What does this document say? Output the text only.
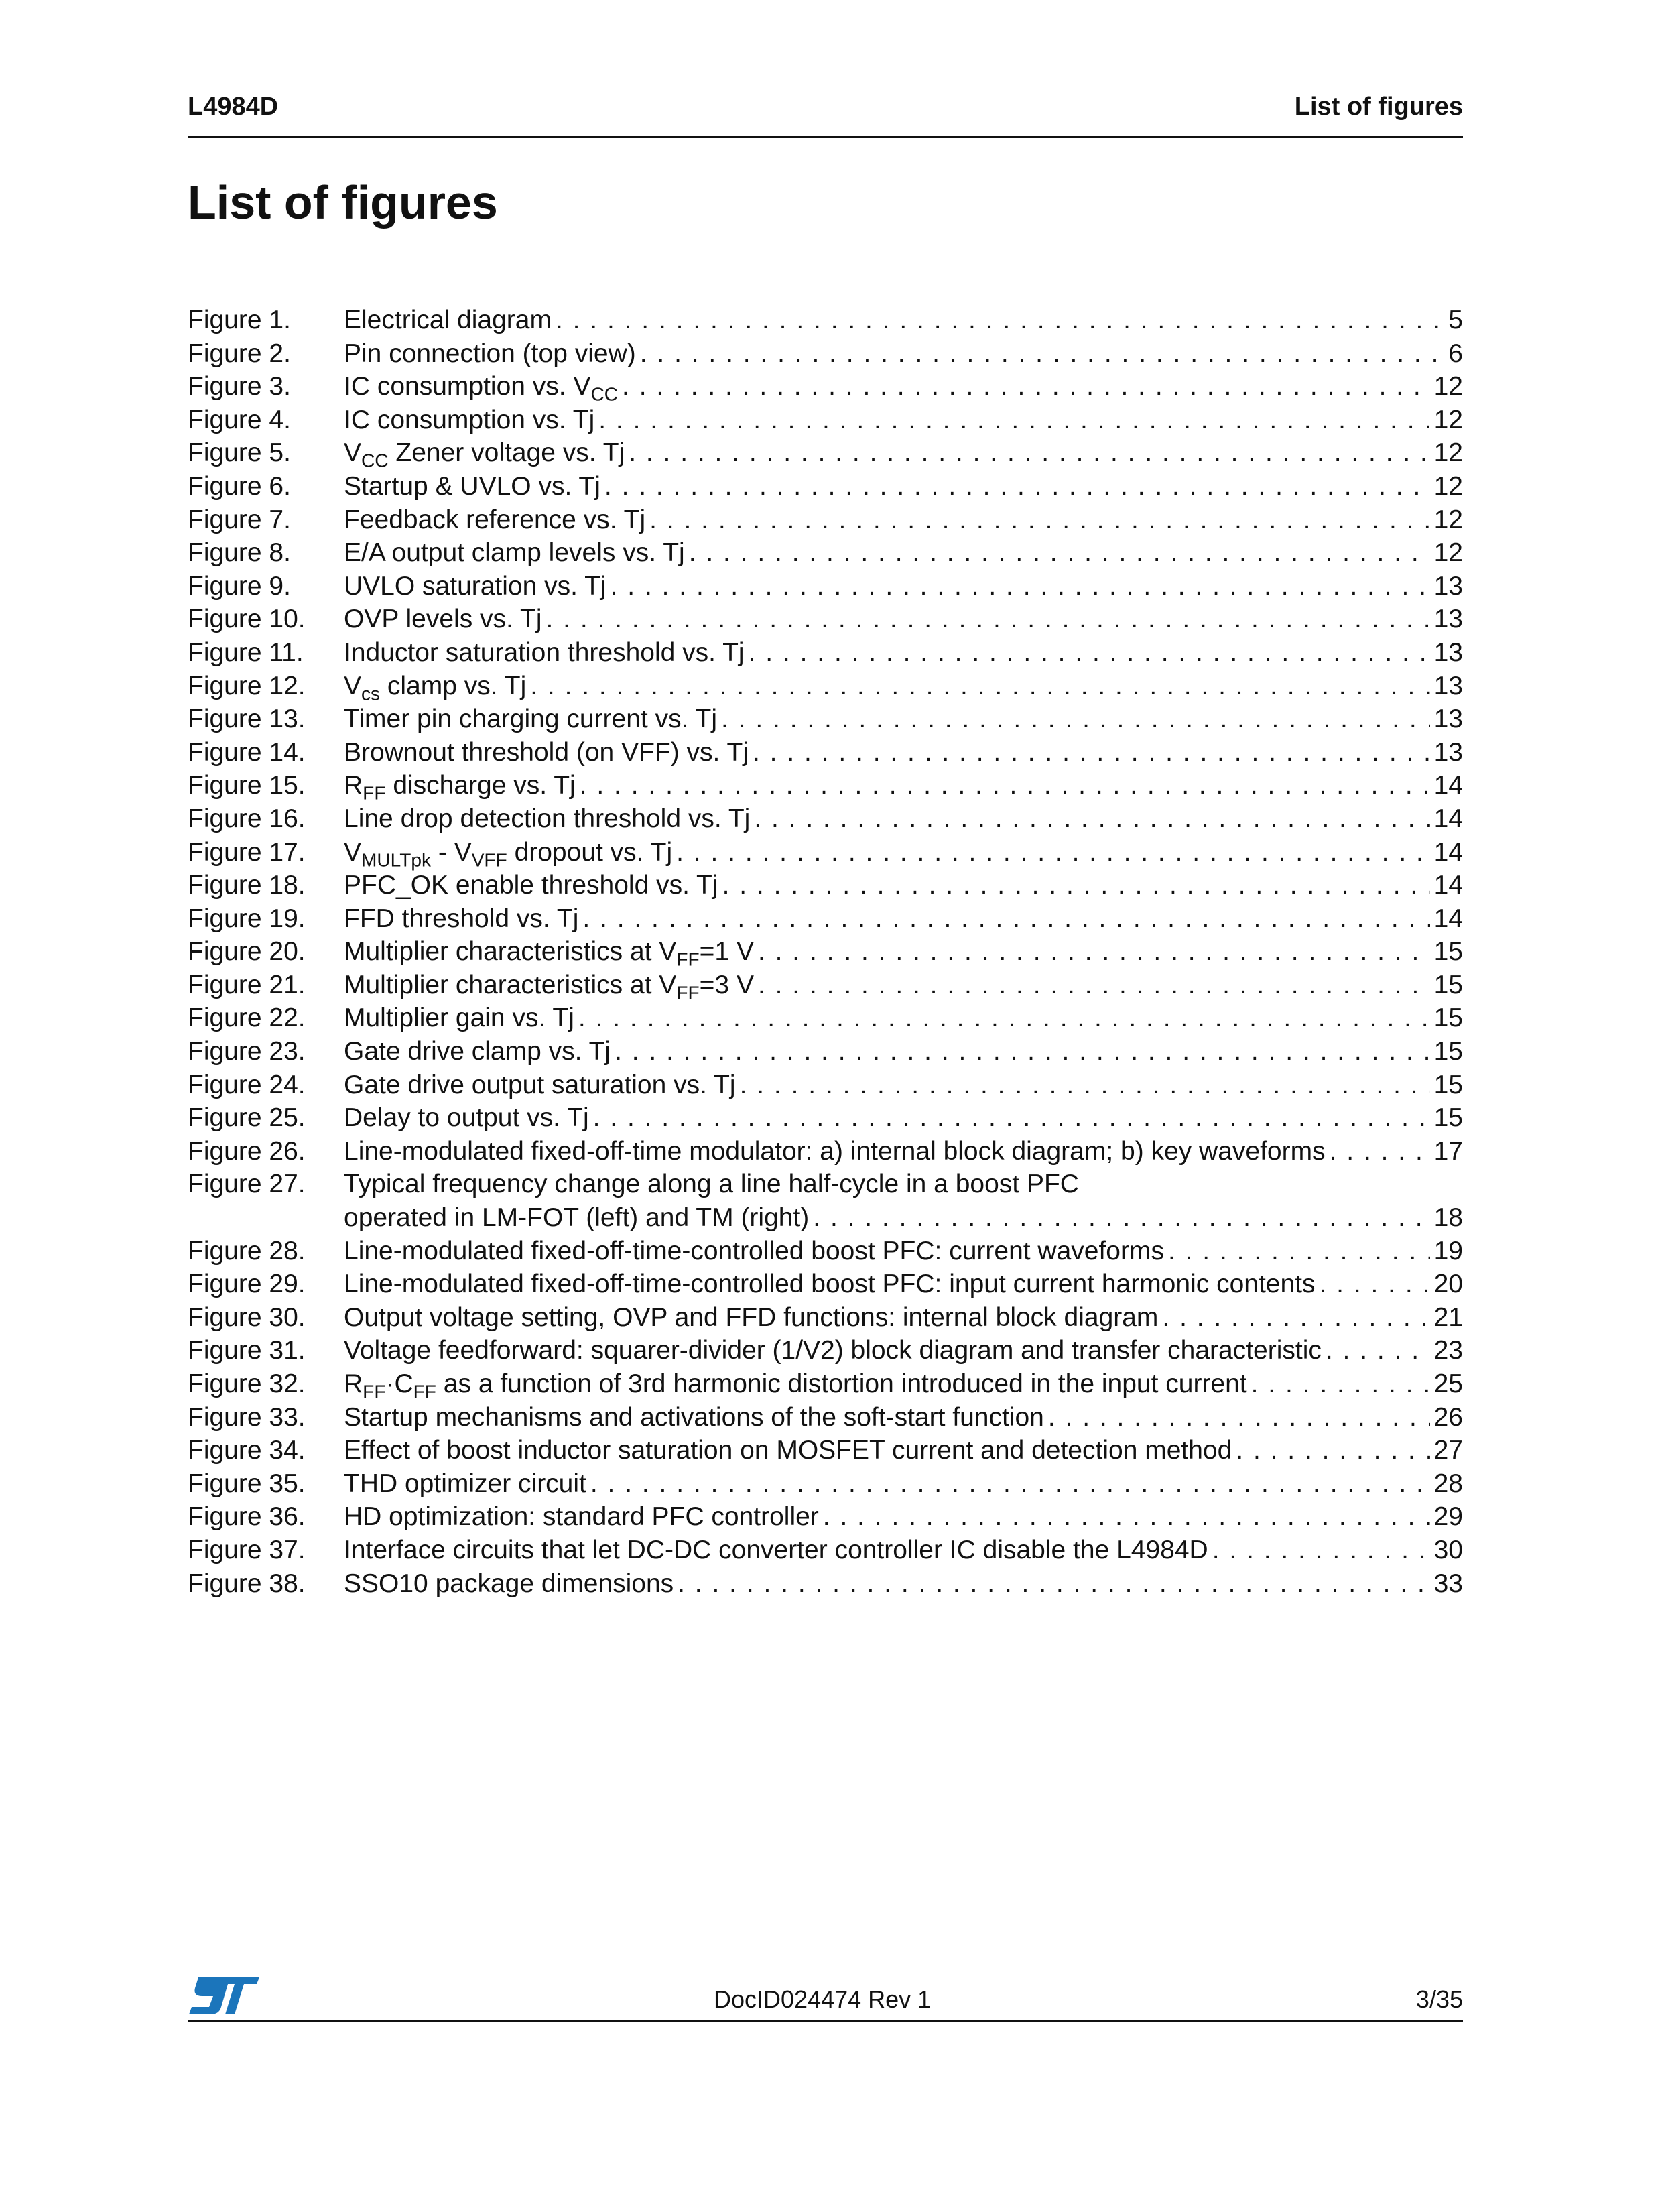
L4984D	List of figures
List of figures
Figure 1.	Electrical diagram . . .	5
Figure 2.	Pin connection (top view) . . .	6
Figure 3.	IC consumption vs. $V_{CC}$ . . .	12
Figure 4.	IC consumption vs. Tj . . .	12
Figure 5.	$V_{CC}$ Zener voltage vs. Tj . . .	12
Figure 6.	Startup & UVLO vs. Tj . . .	12
Figure 7.	Feedback reference vs. Tj . . .	12
Figure 8.	E/A output clamp levels vs. Tj . . .	12
Figure 9.	UVLO saturation vs. Tj . . .	13
Figure 10.	OVP levels vs. Tj . . .	13
Figure 11.	Inductor saturation threshold vs. Tj . . .	13
Figure 12.	$V_{cs}$ clamp vs. Tj . . .	13
Figure 13.	Timer pin charging current vs. Tj . . .	13
Figure 14.	Brownout threshold (on VFF) vs. Tj . . .	13
Figure 15.	$R_{FF}$ discharge vs. Tj . . .	14
Figure 16.	Line drop detection threshold vs. Tj . . .	14
Figure 17.	$V_{MULTpk} - V_{VFF}$ dropout vs. Tj . . .	14
Figure 18.	PFC_OK enable threshold vs. Tj . . .	14
Figure 19.	FFD threshold vs. Tj . . .	14
Figure 20.	Multiplier characteristics at $V_{FF}=1$ V . . .	15
Figure 21.	Multiplier characteristics at $V_{FF}=3$ V . . .	15
Figure 22.	Multiplier gain vs. Tj . . .	15
Figure 23.	Gate drive clamp vs. Tj . . .	15
Figure 24.	Gate drive output saturation vs. Tj . . .	15
Figure 25.	Delay to output vs. Tj . . .	15
Figure 26.	Line-modulated fixed-off-time modulator: a) internal block diagram; b) key waveforms . . .	17
Figure 27.	Typical frequency change along a line half-cycle in a boost PFC
operated in LM-FOT (left) and TM (right) . . .	18
Figure 28.	Line-modulated fixed-off-time-controlled boost PFC: current waveforms . . .	19
Figure 29.	Line-modulated fixed-off-time-controlled boost PFC: input current harmonic contents . . .	20
Figure 30.	Output voltage setting, OVP and FFD functions: internal block diagram . . .	21
Figure 31.	Voltage feedforward: squarer-divider (1/V2) block diagram and transfer characteristic . . .	23
Figure 32.	$R_{FF}\cdot C_{FF}$ as a function of 3rd harmonic distortion introduced in the input current . . .	25
Figure 33.	Startup mechanisms and activations of the soft-start function . . .	26
Figure 34.	Effect of boost inductor saturation on MOSFET current and detection method . . .	27
Figure 35.	THD optimizer circuit . . .	28
Figure 36.	HD optimization: standard PFC controller . . .	29
Figure 37.	Interface circuits that let DC-DC converter controller IC disable the L4984D . . .	30
Figure 38.	SSO10 package dimensions . . .	33
DocID024474 Rev 1	3/35
